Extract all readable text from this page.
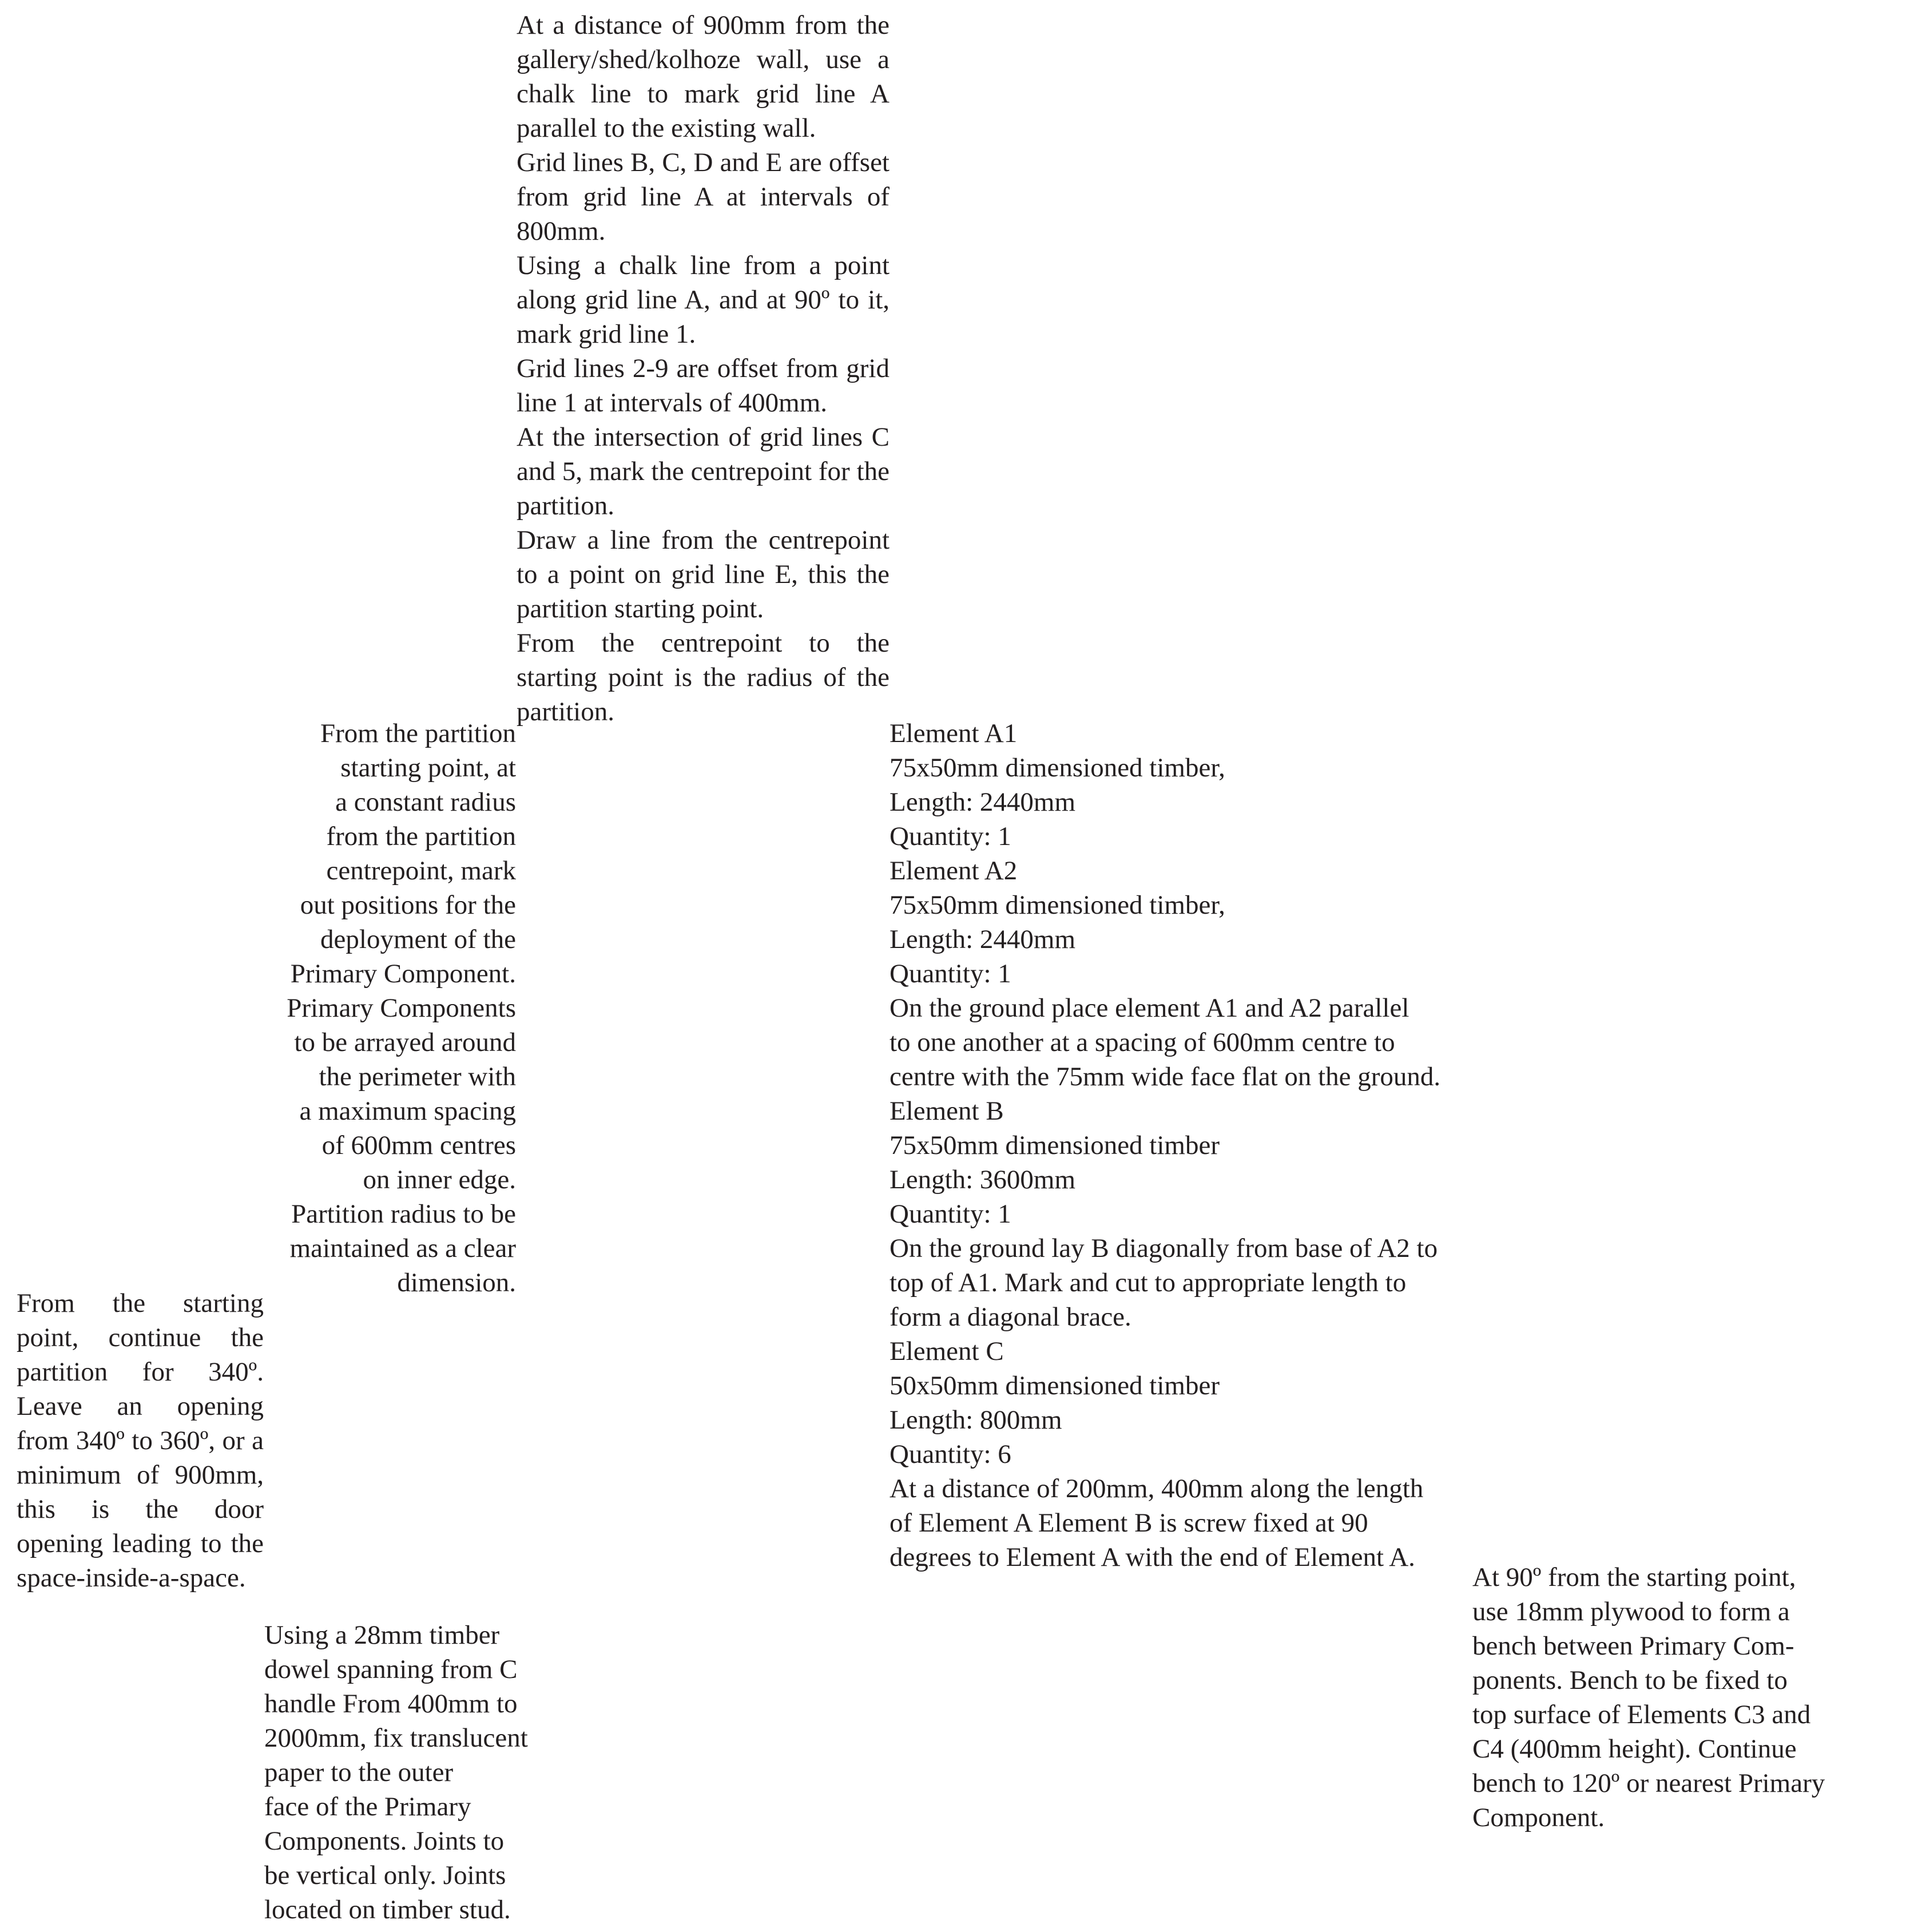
At a distance of 900mm from the gallery/shed/kolhoze wall, use a chalk line to mark grid line A parallel to the existing wall.

Grid lines B, C, D and E are offset from grid line A at intervals of 800mm.

Using a chalk line from a point along grid line A, and at 90º to it, mark grid line 1.

Grid lines 2-9 are offset from grid line 1 at intervals of 400mm.

At the intersection of grid lines C and 5, mark the centrepoint for the partition.

Draw a line from the centrepoint to a point on grid line E, this the partition starting point.

From the centrepoint to the starting point is the radius of the partition.

From the partition

starting point, at

a constant radius

from the partition

centrepoint, mark

out positions for the

deployment of the

Primary Component.

Primary Components

to be arrayed around

the perimeter with

a maximum spacing

of 600mm centres

on inner edge.

Partition radius to be

maintained as a clear

dimension.

From the starting point, continue the partition for 340º. Leave an opening from 340º to 360º, or a minimum of 900mm, this is the door opening leading to the space-inside-a-space.

Element A1

75x50mm dimensioned timber,

Length: 2440mm

Quantity: 1

Element A2

75x50mm dimensioned timber,

Length: 2440mm

Quantity: 1

On the ground place element A1 and A2 parallel

to one another at a spacing of 600mm centre to

centre with the 75mm wide face flat on the ground.

Element B

75x50mm dimensioned timber

Length: 3600mm

Quantity: 1

On the ground lay B diagonally from base of A2 to

top of A1. Mark and cut to appropriate length to

form a diagonal brace.

Element C

50x50mm dimensioned timber

Length: 800mm

Quantity: 6

At a distance of 200mm, 400mm along the length

of Element A Element B is screw fixed at 90

degrees to Element A with the end of Element A.

Using a 28mm timber

dowel spanning from C

handle From 400mm to

2000mm, fix translucent

paper to the outer

face of the Primary

Components. Joints to

be vertical only. Joints

located on timber stud.

At 90º from the starting point,

use 18mm plywood to form a

bench between Primary Com-

ponents. Bench to be fixed to

top surface of Elements C3 and

C4 (400mm height). Continue

bench to 120º or nearest Primary

Component.
